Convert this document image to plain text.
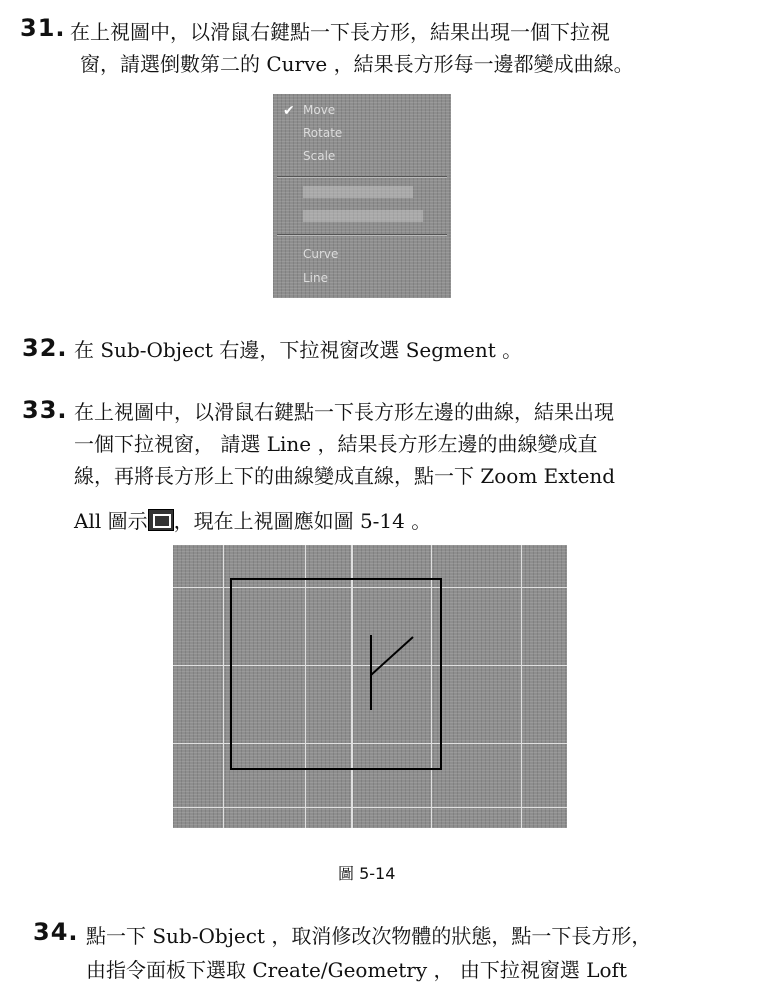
31. 在上視圖中，以滑鼠右鍵點一下長方形，結果出現一個下拉視
窗，請選倒數第二的 Curve ，結果長方形每一邊都變成曲線。
✔ Move
Rotate
Scale
Curve
Line
32. 在 Sub-Object 右邊，下拉視窗改選 Segment 。
33. 在上視圖中，以滑鼠右鍵點一下長方形左邊的曲線，結果出現
一個下拉視窗， 請選 Line ，結果長方形左邊的曲線變成直
線，再將長方形上下的曲線變成直線，點一下 Zoom Extend
All 圖示 ，現在上視圖應如圖 5-14 。
圖 5-14
34. 點一下 Sub-Object ，取消修改次物體的狀態，點一下長方形，
由指令面板下選取 Create/Geometry ， 由下拉視窗選 Loft
